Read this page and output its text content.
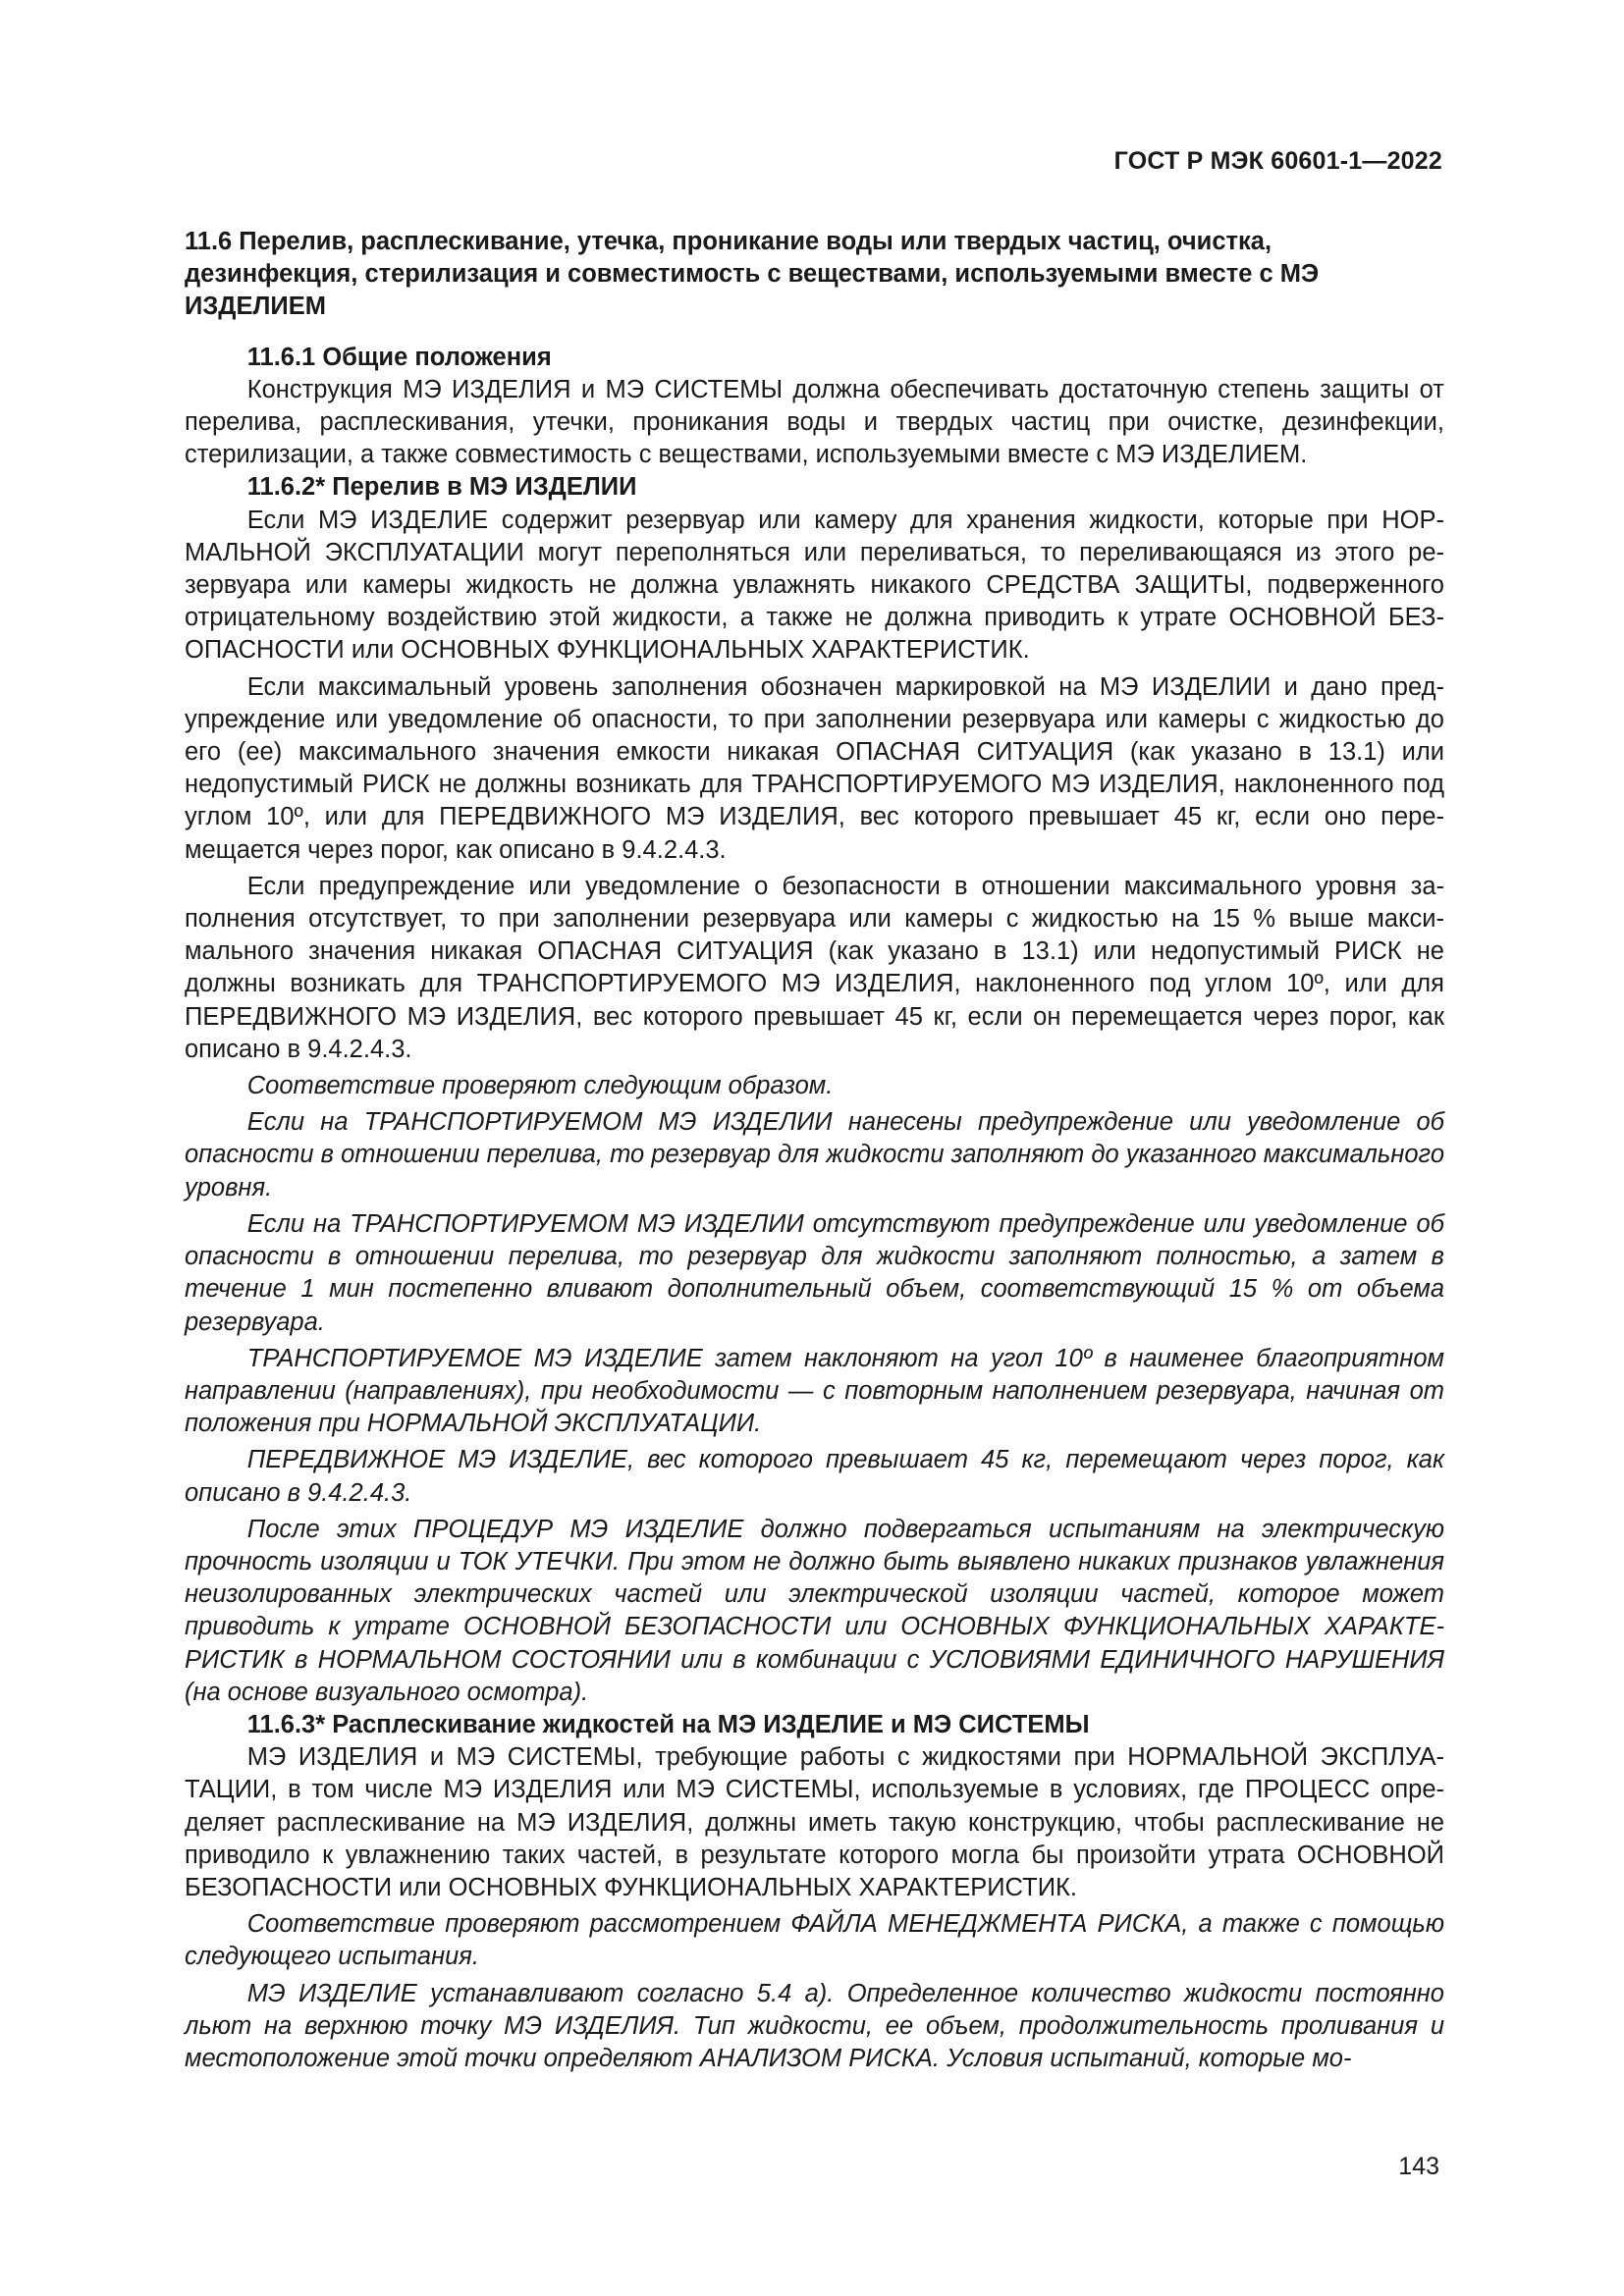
ГОСТ Р МЭК 60601-1—2022

11.6 Перелив, расплескивание, утечка, проникание воды или твердых частиц, очистка, дезинфекция, стерилизация и совместимость с веществами, используемыми вместе с МЭ ИЗДЕЛИЕМ

11.6.1 Общие положения

Конструкция МЭ ИЗДЕЛИЯ и МЭ СИСТЕМЫ должна обеспечивать достаточную степень защиты от перелива, расплескивания, утечки, проникания воды и твердых частиц при очистке, дезинфекции, стерилизации, а также совместимость с веществами, используемыми вместе с МЭ ИЗДЕЛИЕМ.

11.6.2* Перелив в МЭ ИЗДЕЛИИ

Если МЭ ИЗДЕЛИЕ содержит резервуар или камеру для хранения жидкости, которые при НОРМАЛЬНОЙ ЭКСПЛУАТАЦИИ могут переполняться или переливаться, то переливающаяся из этого резервуара или камеры жидкость не должна увлажнять никакого СРЕДСТВА ЗАЩИТЫ, подверженного отрицательному воздействию этой жидкости, а также не должна приводить к утрате ОСНОВНОЙ БЕЗОПАСНОСТИ или ОСНОВНЫХ ФУНКЦИОНАЛЬНЫХ ХАРАКТЕРИСТИК.

Если максимальный уровень заполнения обозначен маркировкой на МЭ ИЗДЕЛИИ и дано предупреждение или уведомление об опасности, то при заполнении резервуара или камеры с жидкостью до его (ее) максимального значения емкости никакая ОПАСНАЯ СИТУАЦИЯ (как указано в 13.1) или недопустимый РИСК не должны возникать для ТРАНСПОРТИРУЕМОГО МЭ ИЗДЕЛИЯ, наклоненного под углом 10º, или для ПЕРЕДВИЖНОГО МЭ ИЗДЕЛИЯ, вес которого превышает 45 кг, если оно перемещается через порог, как описано в 9.4.2.4.3.

Если предупреждение или уведомление о безопасности в отношении максимального уровня заполнения отсутствует, то при заполнении резервуара или камеры с жидкостью на 15 % выше максимального значения никакая ОПАСНАЯ СИТУАЦИЯ (как указано в 13.1) или недопустимый РИСК не должны возникать для ТРАНСПОРТИРУЕМОГО МЭ ИЗДЕЛИЯ, наклоненного под углом 10º, или для ПЕРЕДВИЖНОГО МЭ ИЗДЕЛИЯ, вес которого превышает 45 кг, если он перемещается через порог, как описано в 9.4.2.4.3.

Соответствие проверяют следующим образом.

Если на ТРАНСПОРТИРУЕМОМ МЭ ИЗДЕЛИИ нанесены предупреждение или уведомление об опасности в отношении перелива, то резервуар для жидкости заполняют до указанного максимального уровня.

Если на ТРАНСПОРТИРУЕМОМ МЭ ИЗДЕЛИИ отсутствуют предупреждение или уведомление об опасности в отношении перелива, то резервуар для жидкости заполняют полностью, а затем в течение 1 мин постепенно вливают дополнительный объем, соответствующий 15 % от объема резервуара.

ТРАНСПОРТИРУЕМОЕ МЭ ИЗДЕЛИЕ затем наклоняют на угол 10º в наименее благоприятном направлении (направлениях), при необходимости — с повторным наполнением резервуара, начиная от положения при НОРМАЛЬНОЙ ЭКСПЛУАТАЦИИ.

ПЕРЕДВИЖНОЕ МЭ ИЗДЕЛИЕ, вес которого превышает 45 кг, перемещают через порог, как описано в 9.4.2.4.3.

После этих ПРОЦЕДУР МЭ ИЗДЕЛИЕ должно подвергаться испытаниям на электрическую прочность изоляции и ТОК УТЕЧКИ. При этом не должно быть выявлено никаких признаков увлажнения неизолированных электрических частей или электрической изоляции частей, которое может приводить к утрате ОСНОВНОЙ БЕЗОПАСНОСТИ или ОСНОВНЫХ ФУНКЦИОНАЛЬНЫХ ХАРАКТЕРИСТИК в НОРМАЛЬНОМ СОСТОЯНИИ или в комбинации с УСЛОВИЯМИ ЕДИНИЧНОГО НАРУШЕНИЯ (на основе визуального осмотра).

11.6.3* Расплескивание жидкостей на МЭ ИЗДЕЛИЕ и МЭ СИСТЕМЫ

МЭ ИЗДЕЛИЯ и МЭ СИСТЕМЫ, требующие работы с жидкостями при НОРМАЛЬНОЙ ЭКСПЛУАТАЦИИ, в том числе МЭ ИЗДЕЛИЯ или МЭ СИСТЕМЫ, используемые в условиях, где ПРОЦЕСС определяет расплескивание на МЭ ИЗДЕЛИЯ, должны иметь такую конструкцию, чтобы расплескивание не приводило к увлажнению таких частей, в результате которого могла бы произойти утрата ОСНОВНОЙ БЕЗОПАСНОСТИ или ОСНОВНЫХ ФУНКЦИОНАЛЬНЫХ ХАРАКТЕРИСТИК.

Соответствие проверяют рассмотрением ФАЙЛА МЕНЕДЖМЕНТА РИСКА, а также с помощью следующего испытания.

МЭ ИЗДЕЛИЕ устанавливают согласно 5.4 а). Определенное количество жидкости постоянно льют на верхнюю точку МЭ ИЗДЕЛИЯ. Тип жидкости, ее объем, продолжительность проливания и местоположение этой точки определяют АНАЛИЗОМ РИСКА. Условия испытаний, которые мо-

143
